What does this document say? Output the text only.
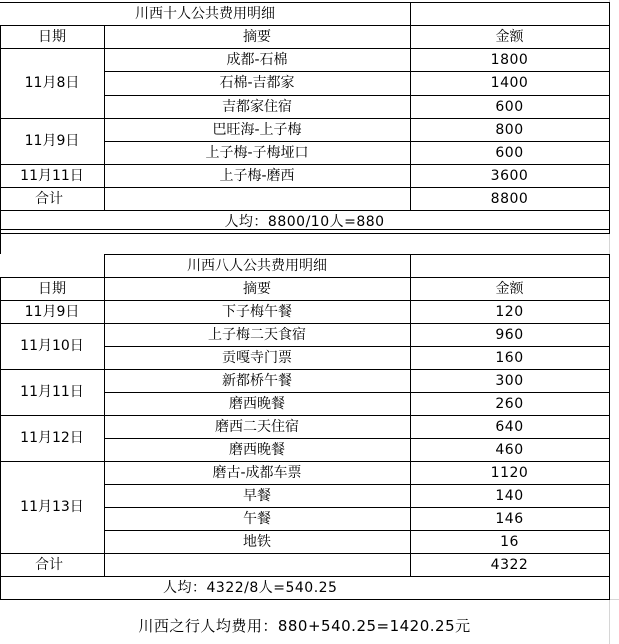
川西十人公共费用明细
日期	摘要	金额
11月8日
成都-石棉	1800
石棉-吉都家	1400
吉都家住宿	600
11月9日
巴旺海-上子梅	800
上子梅-子梅垭口	600
11月11日	上子梅-磨西	3600
合计	8800
人均：8800/10人=880
川西八人公共费用明细
日期	摘要	金额
11月9日	下子梅午餐	120
11月10日
上子梅二天食宿	960
贡嘎寺门票	160
11月11日
新都桥午餐	300
磨西晚餐	260
11月12日
磨西二天住宿	640
磨西晚餐	460
11月13日
磨古-成都车票	1120
早餐	140
午餐	146
地铁	16
合计	4322
人均：4322/8人=540.25
川西之行人均费用：880+540.25=1420.25元
